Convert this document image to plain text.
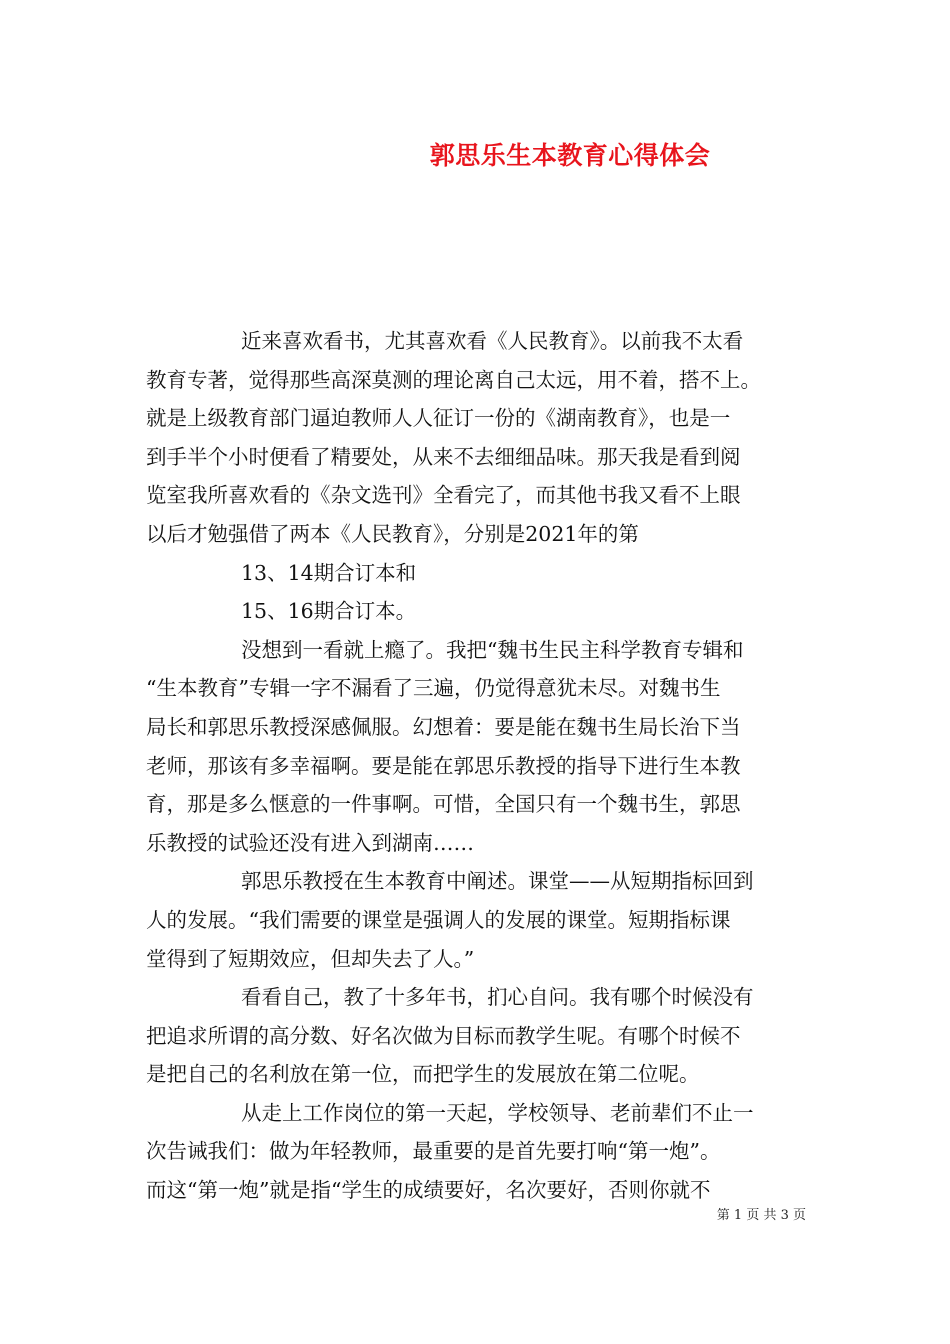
郭思乐生本教育心得体会

近来喜欢看书，尤其喜欢看《人民教育》。以前我不太看

教育专著，觉得那些高深莫测的理论离自己太远，用不着，搭不上。

就是上级教育部门逼迫教师人人征订一份的《湖南教育》，也是一

到手半个小时便看了精要处，从来不去细细品味。那天我是看到阅

览室我所喜欢看的《杂文选刊》全看完了，而其他书我又看不上眼

以后才勉强借了两本《人民教育》，分别是2021年的第

13、14期合订本和

15、16期合订本。

没想到一看就上瘾了。我把“魏书生民主科学教育专辑和

“生本教育”专辑一字不漏看了三遍，仍觉得意犹未尽。对魏书生

局长和郭思乐教授深感佩服。幻想着：要是能在魏书生局长治下当

老师，那该有多幸福啊。要是能在郭思乐教授的指导下进行生本教

育，那是多么惬意的一件事啊。可惜，全国只有一个魏书生，郭思

乐教授的试验还没有进入到湖南……

郭思乐教授在生本教育中阐述。课堂——从短期指标回到

人的发展。“我们需要的课堂是强调人的发展的课堂。短期指标课

堂得到了短期效应，但却失去了人。”

看看自己，教了十多年书，扪心自问。我有哪个时候没有

把追求所谓的高分数、好名次做为目标而教学生呢。有哪个时候不

是把自己的名利放在第一位，而把学生的发展放在第二位呢。

从走上工作岗位的第一天起，学校领导、老前辈们不止一

次告诫我们：做为年轻教师，最重要的是首先要打响“第一炮”。

而这“第一炮”就是指“学生的成绩要好，名次要好，否则你就不

第 1 页 共 3 页
